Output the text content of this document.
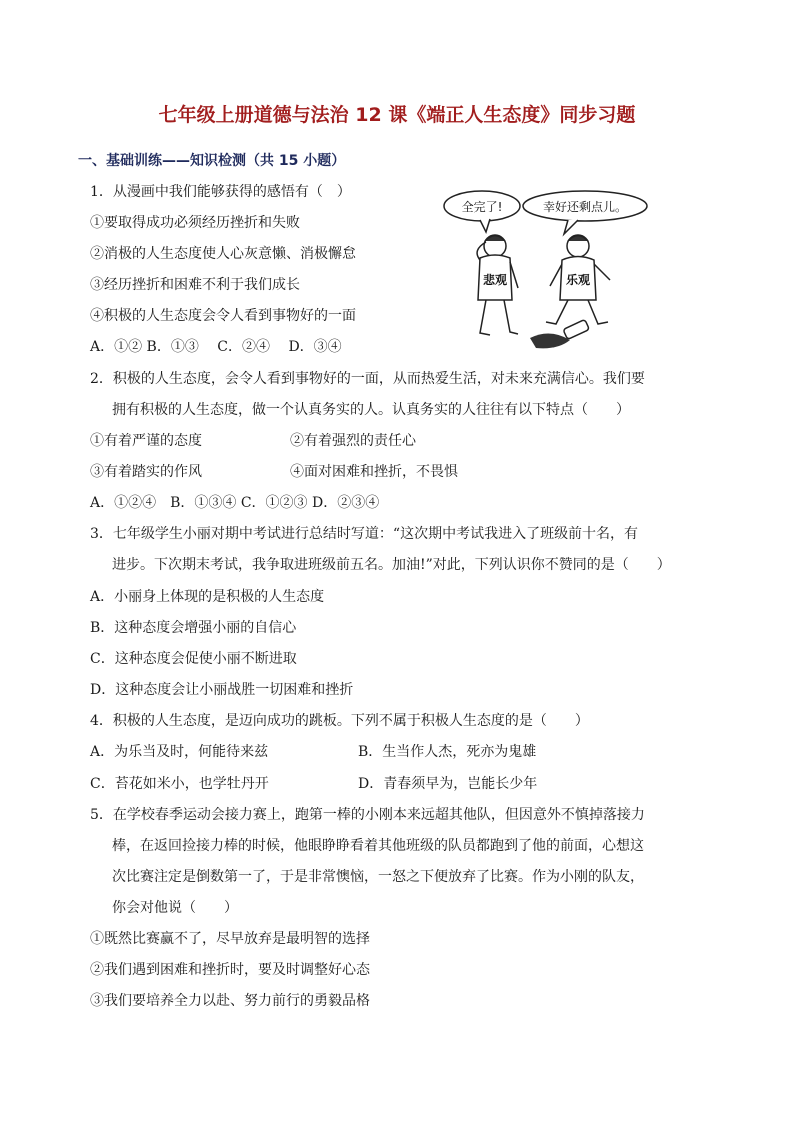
七年级上册道德与法治 12 课《端正人生态度》同步习题
一、基础训练——知识检测（共 15 小题）
1．从漫画中我们能够获得的感悟有（　）
①要取得成功必须经历挫折和失败
②消极的人生态度使人心灰意懒、消极懈怠
③经历挫折和困难不利于我们成长
④积极的人生态度会令人看到事物好的一面
A．①② B．①③　 C．②④　 D．③④
全完了!	幸好还剩点儿。
悲观	乐观
2．积极的人生态度，会令人看到事物好的一面，从而热爱生活，对未来充满信心。我们要
拥有积极的人生态度，做一个认真务实的人。认真务实的人往往有以下特点（　　）
①有着严谨的态度	②有着强烈的责任心
③有着踏实的作风	④面对困难和挫折，不畏惧
A．①②④　B．①③④ C．①②③ D．②③④
3．七年级学生小丽对期中考试进行总结时写道：“这次期中考试我进入了班级前十名，有
进步。下次期末考试，我争取进班级前五名。加油!”对此，下列认识你不赞同的是（　　）
A．小丽身上体现的是积极的人生态度
B．这种态度会增强小丽的自信心
C．这种态度会促使小丽不断进取
D．这种态度会让小丽战胜一切困难和挫折
4．积极的人生态度，是迈向成功的跳板。下列不属于积极人生态度的是（　　）
A．为乐当及时，何能待来兹	B．生当作人杰，死亦为鬼雄
C．苔花如米小，也学牡丹开	D．青春须早为，岂能长少年
5．在学校春季运动会接力赛上，跑第一棒的小刚本来远超其他队，但因意外不慎掉落接力
棒，在返回捡接力棒的时候，他眼睁睁看着其他班级的队员都跑到了他的前面，心想这
次比赛注定是倒数第一了，于是非常懊恼，一怒之下便放弃了比赛。作为小刚的队友，
你会对他说（　　）
①既然比赛赢不了，尽早放弃是最明智的选择
②我们遇到困难和挫折时，要及时调整好心态
③我们要培养全力以赴、努力前行的勇毅品格
